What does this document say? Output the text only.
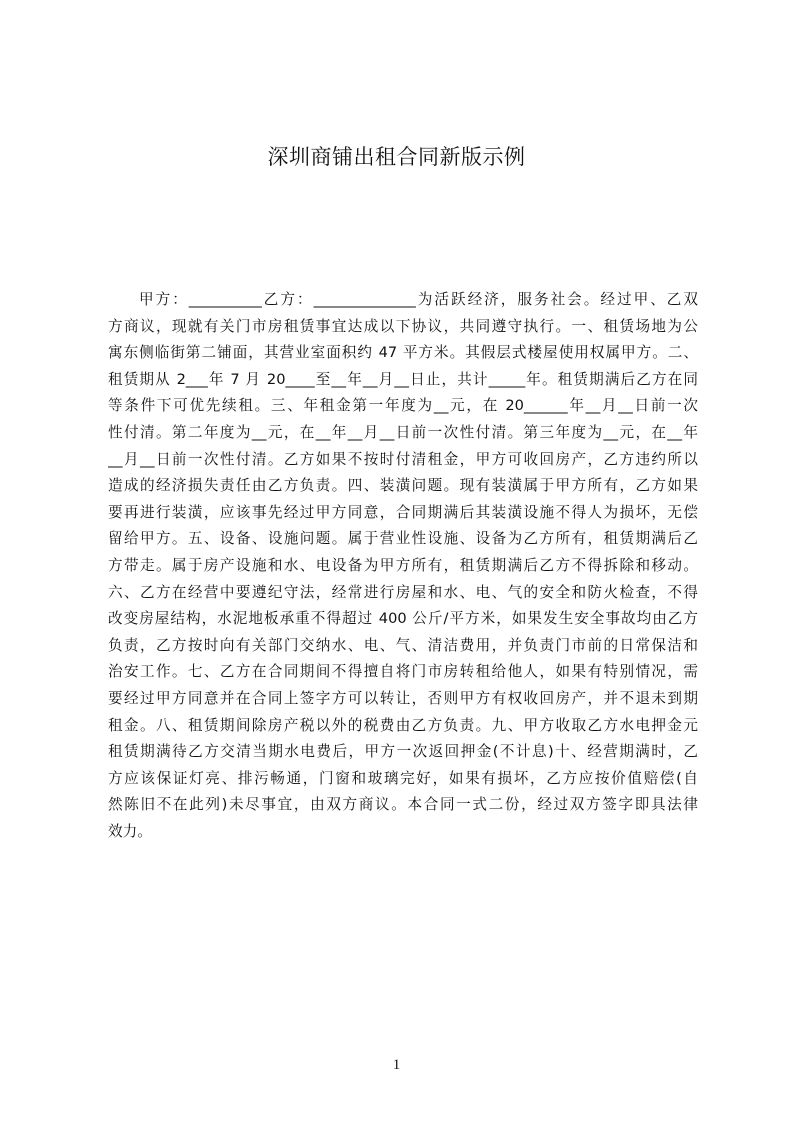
深圳商铺出租合同新版示例
甲方：__________乙方：______________为活跃经济，服务社会。经过甲、乙双
方商议，现就有关门市房租赁事宜达成以下协议，共同遵守执行。一、租赁场地为公
寓东侧临街第二铺面，其营业室面积约 47 平方米。其假层式楼屋使用权属甲方。二、
租赁期从 2___年 7 月 20____至__年__月__日止，共计_____年。租赁期满后乙方在同
等条件下可优先续租。三、年租金第一年度为__元，在 20______年__月__日前一次
性付清。第二年度为__元，在__年__月__日前一次性付清。第三年度为__元，在__年
__月__日前一次性付清。乙方如果不按时付清租金，甲方可收回房产，乙方违约所以
造成的经济损失责任由乙方负责。四、装潢问题。现有装潢属于甲方所有，乙方如果
要再进行装潢，应该事先经过甲方同意，合同期满后其装潢设施不得人为损坏，无偿
留给甲方。五、设备、设施问题。属于营业性设施、设备为乙方所有，租赁期满后乙
方带走。属于房产设施和水、电设备为甲方所有，租赁期满后乙方不得拆除和移动。
六、乙方在经营中要遵纪守法，经常进行房屋和水、电、气的安全和防火检查，不得
改变房屋结构，水泥地板承重不得超过 400 公斤/平方米，如果发生安全事故均由乙方
负责，乙方按时向有关部门交纳水、电、气、清洁费用，并负责门市前的日常保洁和
治安工作。七、乙方在合同期间不得擅自将门市房转租给他人，如果有特别情况，需
要经过甲方同意并在合同上签字方可以转让，否则甲方有权收回房产，并不退未到期
租金。八、租赁期间除房产税以外的税费由乙方负责。九、甲方收取乙方水电押金元
租赁期满待乙方交清当期水电费后，甲方一次返回押金(不计息)十、经营期满时，乙
方应该保证灯亮、排污畅通，门窗和玻璃完好，如果有损坏，乙方应按价值赔偿(自
然陈旧不在此列)未尽事宜，由双方商议。本合同一式二份，经过双方签字即具法律
效力。
1
